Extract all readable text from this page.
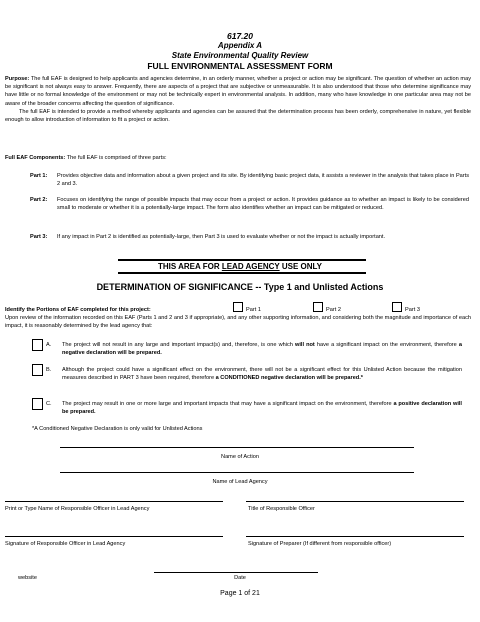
617.20
Appendix A
State Environmental Quality Review
FULL ENVIRONMENTAL ASSESSMENT FORM
Purpose: The full EAF is designed to help applicants and agencies determine, in an orderly manner, whether a project or action may be significant. The question of whether an action may be significant is not always easy to answer. Frequently, there are aspects of a project that are subjective or unmeasurable. It is also understood that those who determine significance may have little or no formal knowledge of the environment or may not be technically expert in environmental analysis. In addition, many who have knowledge in one particular area may not be aware of the broader concerns affecting the question of significance.
The full EAF is intended to provide a method whereby applicants and agencies can be assured that the determination process has been orderly, comprehensive in nature, yet flexible enough to allow introduction of information to fit a project or action.
Full EAF Components: The full EAF is comprised of three parts:
Part 1: Provides objective data and information about a given project and its site. By identifying basic project data, it assists a reviewer in the analysis that takes place in Parts 2 and 3.
Part 2: Focuses on identifying the range of possible impacts that may occur from a project or action. It provides guidance as to whether an impact is likely to be considered small to moderate or whether it is a potentially-large impact. The form also identifies whether an impact can be mitigated or reduced.
Part 3: If any impact in Part 2 is identified as potentially-large, then Part 3 is used to evaluate whether or not the impact is actually important.
THIS AREA FOR LEAD AGENCY USE ONLY
DETERMINATION OF SIGNIFICANCE -- Type 1 and Unlisted Actions
Identify the Portions of EAF completed for this project:	Part 1	Part 2	Part 3
Upon review of the information recorded on this EAF (Parts 1 and 2 and 3 if appropriate), and any other supporting information, and considering both the magnitude and importance of each impact, it is reasonably determined by the lead agency that:
A. The project will not result in any large and important impact(s) and, therefore, is one which will not have a significant impact on the environment, therefore a negative declaration will be prepared.
B. Although the project could have a significant effect on the environment, there will not be a significant effect for this Unlisted Action because the mitigation measures described in PART 3 have been required, therefore a CONDITIONED negative declaration will be prepared.*
C. The project may result in one or more large and important impacts that may have a significant impact on the environment, therefore a positive declaration will be prepared.
*A Conditioned Negative Declaration is only valid for Unlisted Actions
Name of Action
Name of Lead Agency
Print or Type Name of Responsible Officer in Lead Agency	Title of Responsible Officer
Signature of Responsible Officer in Lead Agency	Signature of Preparer (If different from responsible officer)
website	Date
Page 1 of 21
